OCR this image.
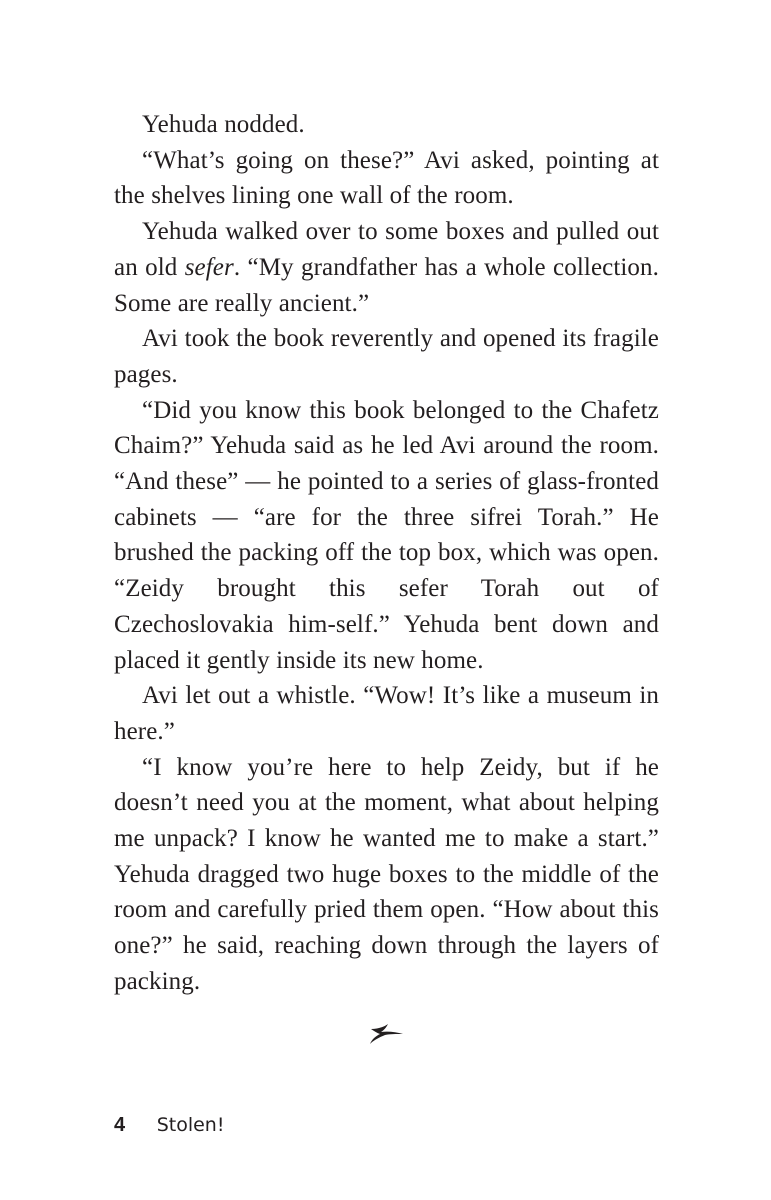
Yehuda nodded.

“What’s going on these?” Avi asked, pointing at the shelves lining one wall of the room.

Yehuda walked over to some boxes and pulled out an old sefer. “My grandfather has a whole collection. Some are really ancient.”

Avi took the book reverently and opened its fragile pages.

“Did you know this book belonged to the Chafetz Chaim?” Yehuda said as he led Avi around the room. “And these” — he pointed to a series of glass-fronted cabinets — “are for the three sifrei Torah.” He brushed the packing off the top box, which was open. “Zeidy brought this sefer Torah out of Czechoslovakia him-self.” Yehuda bent down and placed it gently inside its new home.

Avi let out a whistle. “Wow! It’s like a museum in here.”

“I know you’re here to help Zeidy, but if he doesn’t need you at the moment, what about helping me unpack? I know he wanted me to make a start.” Yehuda dragged two huge boxes to the middle of the room and carefully pried them open. “How about this one?” he said, reaching down through the layers of packing.

4 Stolen!
